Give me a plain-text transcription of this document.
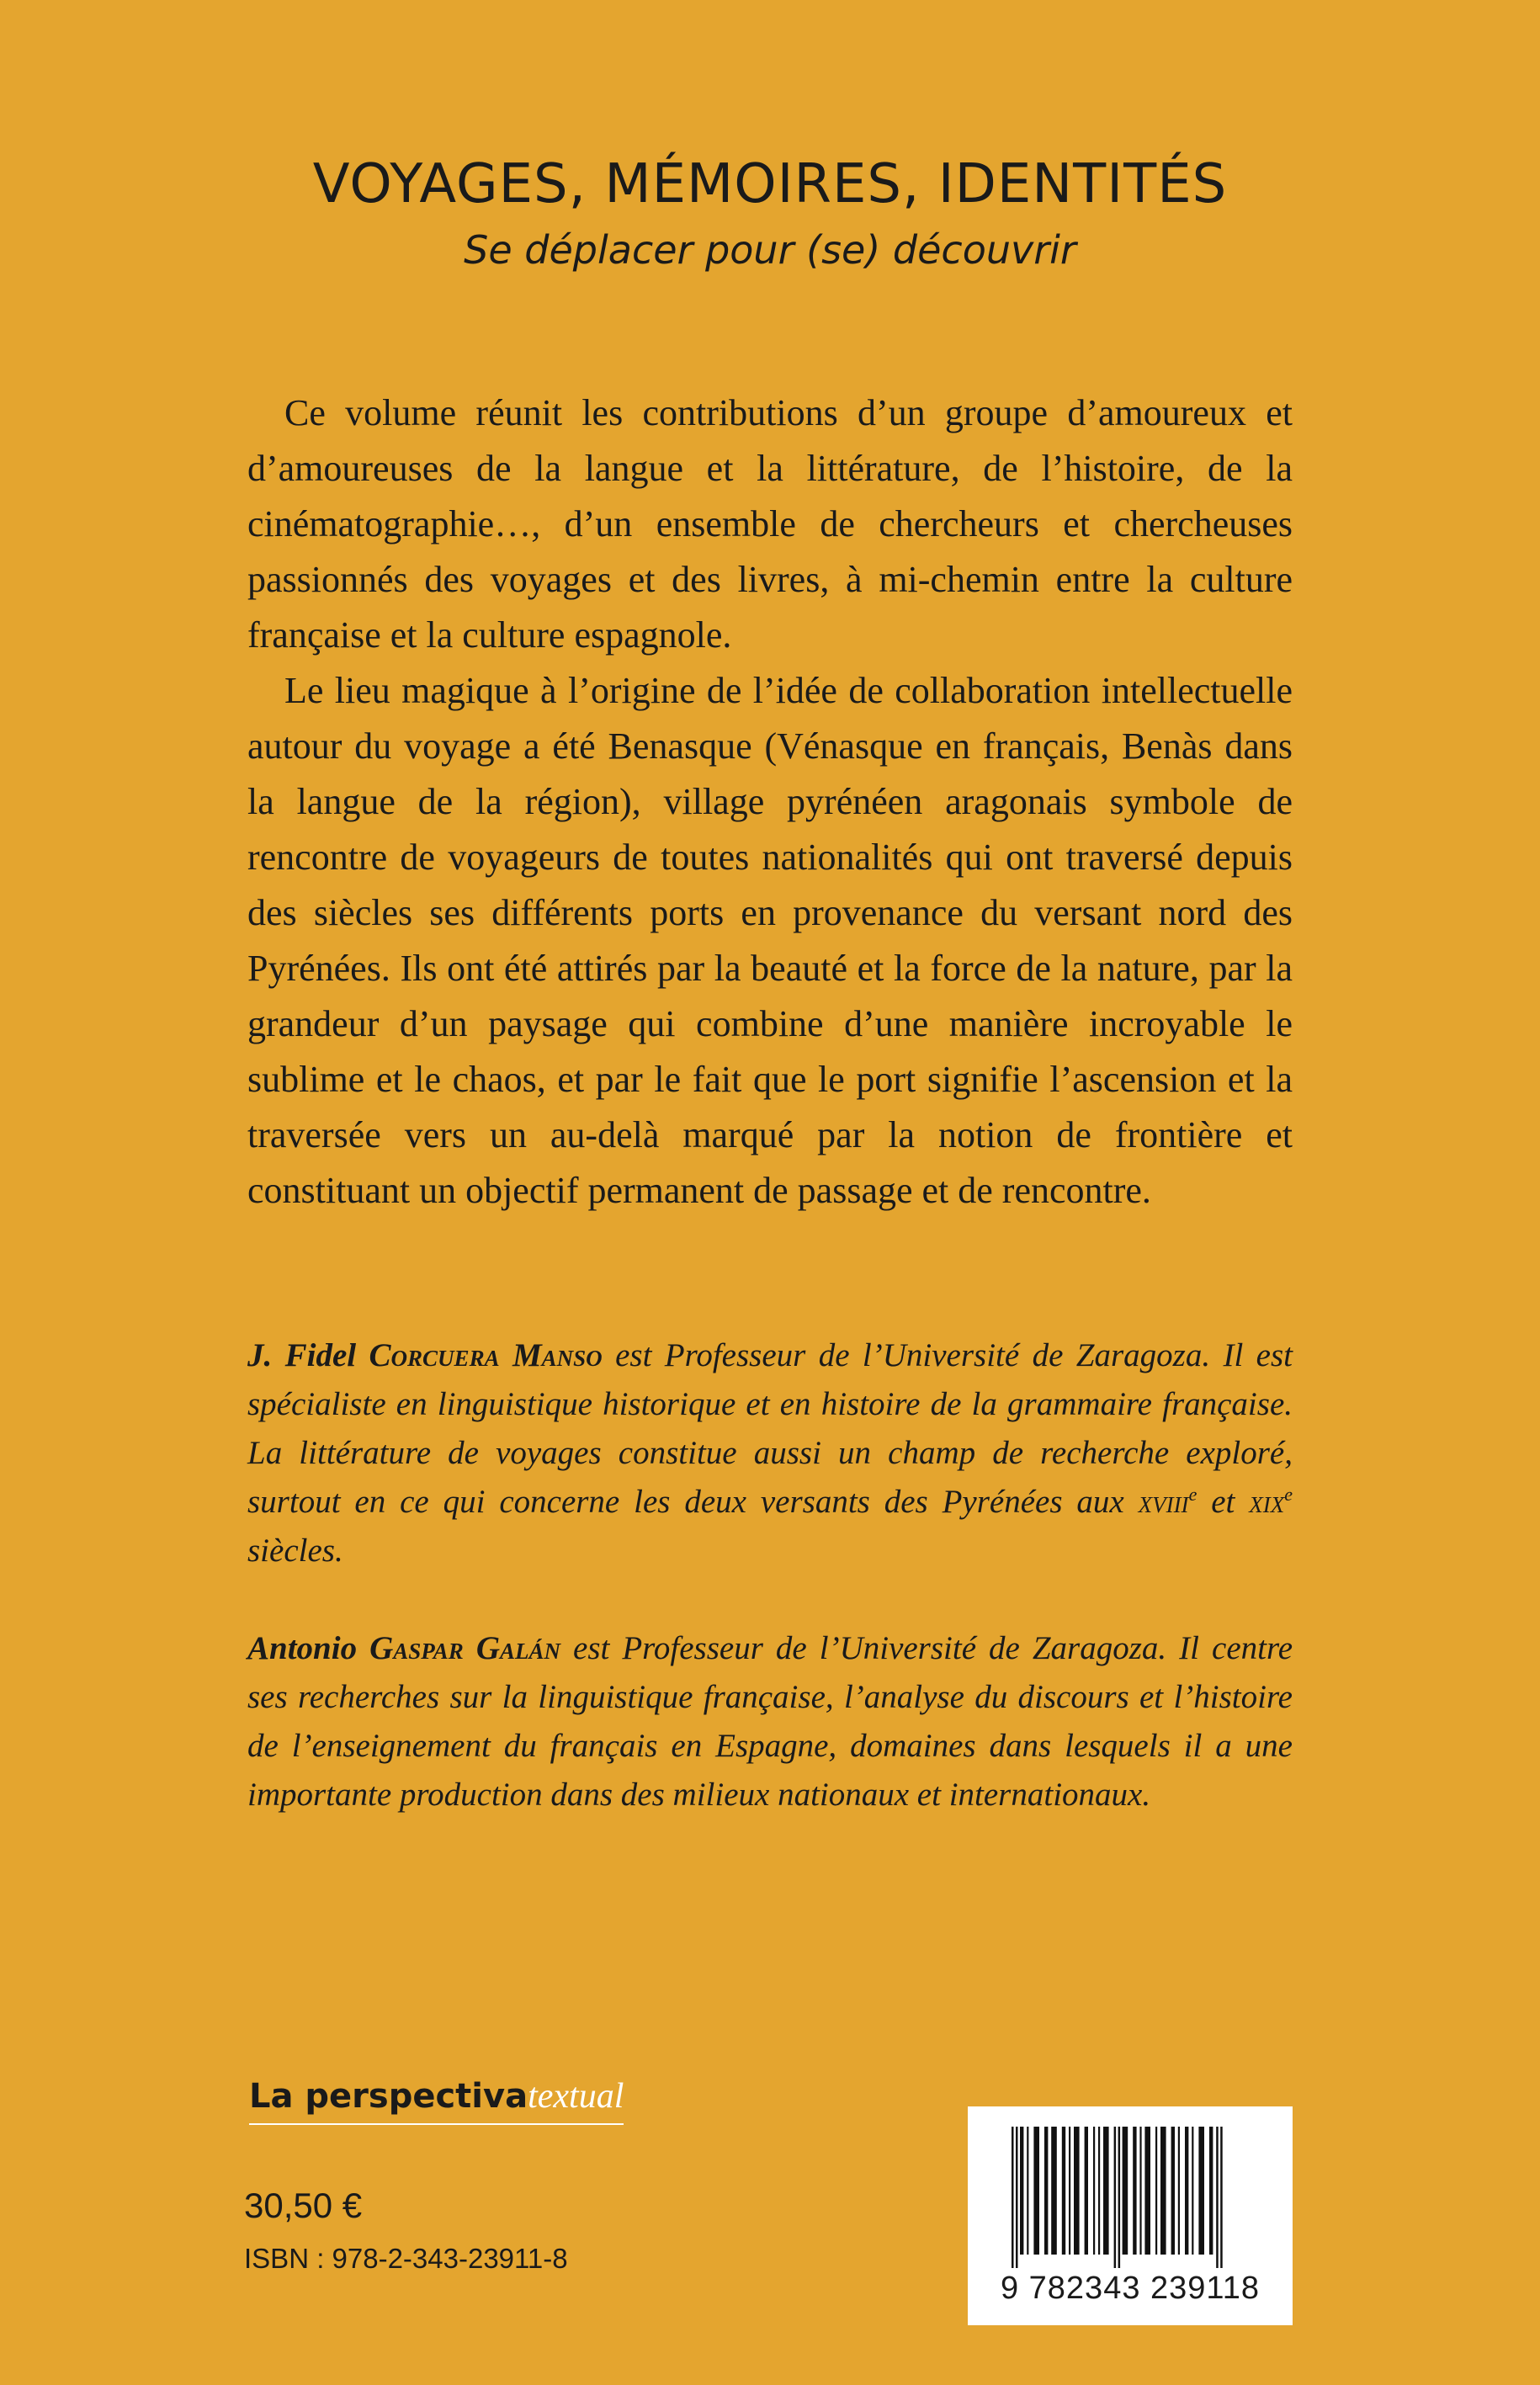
VOYAGES, MÉMOIRES, IDENTITÉS
Se déplacer pour (se) découvrir

Ce volume réunit les contributions d’un groupe d’amoureux et d’amoureuses de la langue et la littérature, de l’histoire, de la cinématographie…, d’un ensemble de chercheurs et chercheuses passionnés des voyages et des livres, à mi-chemin entre la culture française et la culture espagnole.

Le lieu magique à l’origine de l’idée de collaboration intellectuelle autour du voyage a été Benasque (Vénasque en français, Benàs dans la langue de la région), village pyrénéen aragonais symbole de rencontre de voyageurs de toutes nationalités qui ont traversé depuis des siècles ses différents ports en provenance du versant nord des Pyrénées. Ils ont été attirés par la beauté et la force de la nature, par la grandeur d’un paysage qui combine d’une manière incroyable le sublime et le chaos, et par le fait que le port signifie l’ascension et la traversée vers un au-delà marqué par la notion de frontière et constituant un objectif permanent de passage et de rencontre.

J. Fidel Corcuera Manso est Professeur de l’Université de Zaragoza. Il est spécialiste en linguistique historique et en histoire de la grammaire française. La littérature de voyages constitue aussi un champ de recherche exploré, surtout en ce qui concerne les deux versants des Pyrénées aux xviii$^e$ et xix$^e$ siècles.

Antonio Gaspar Galán est Professeur de l’Université de Zaragoza. Il centre ses recherches sur la linguistique française, l’analyse du discours et l’histoire de l’enseignement du français en Espagne, domaines dans lesquels il a une importante production dans des milieux nationaux et internationaux.

La perspectivatextual
30,50 €
ISBN : 978-2-343-23911-8
9 782343 239118
